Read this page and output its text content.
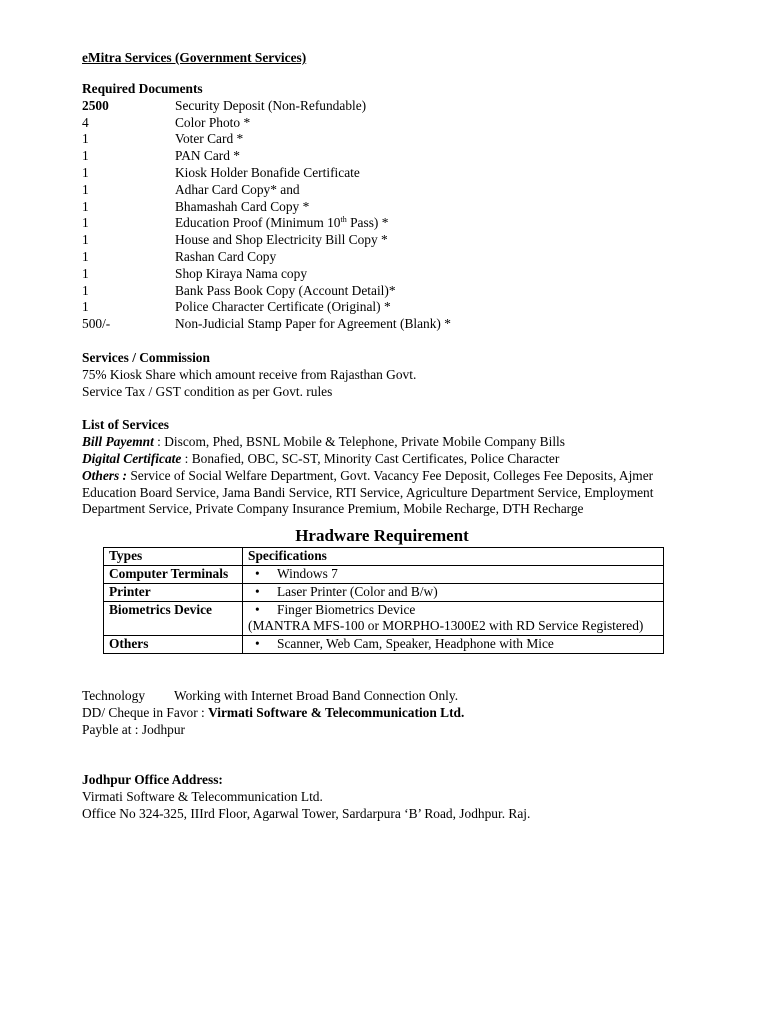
eMitra Services (Government Services)
Required Documents
2500	Security Deposit (Non-Refundable)
4	Color Photo *
1	Voter Card *
1	PAN Card *
1	Kiosk Holder Bonafide Certificate
1	Adhar Card Copy* and
1	Bhamashah Card Copy *
1	Education Proof (Minimum 10th Pass) *
1	House and Shop Electricity Bill Copy *
1	Rashan Card Copy
1	Shop Kiraya Nama copy
1	Bank Pass Book Copy (Account Detail)*
1	Police Character Certificate (Original) *
500/-	Non-Judicial Stamp Paper for Agreement (Blank) *
Services / Commission
75% Kiosk Share which amount receive from Rajasthan Govt.
Service Tax / GST condition as per Govt. rules
List of Services
Bill Payemnt : Discom, Phed, BSNL Mobile & Telephone, Private Mobile Company Bills
Digital Certificate : Bonafied, OBC, SC-ST, Minority Cast Certificates, Police Character
Others : Service of Social Welfare Department, Govt. Vacancy Fee Deposit, Colleges Fee Deposits, Ajmer Education Board Service, Jama Bandi Service, RTI Service, Agriculture Department Service, Employment Department Service, Private Company Insurance Premium, Mobile Recharge, DTH Recharge
Hradware Requirement
Types	Specifications
Computer Terminals	• Windows 7

Printer	• Laser Printer (Color and B/w)

Biometrics Device	• Finger Biometrics Device
(MANTRA MFS-100 or MORPHO-1300E2 with RD Service Registered)

Others	• Scanner, Web Cam, Speaker, Headphone with Mice
Technology Working with Internet Broad Band Connection Only.
DD/ Cheque in Favor : Virmati Software & Telecommunication Ltd.
Payble at : Jodhpur
Jodhpur Office Address:
Virmati Software & Telecommunication Ltd.
Office No 324-325, IIIrd Floor, Agarwal Tower, Sardarpura ‘B’ Road, Jodhpur. Raj.
